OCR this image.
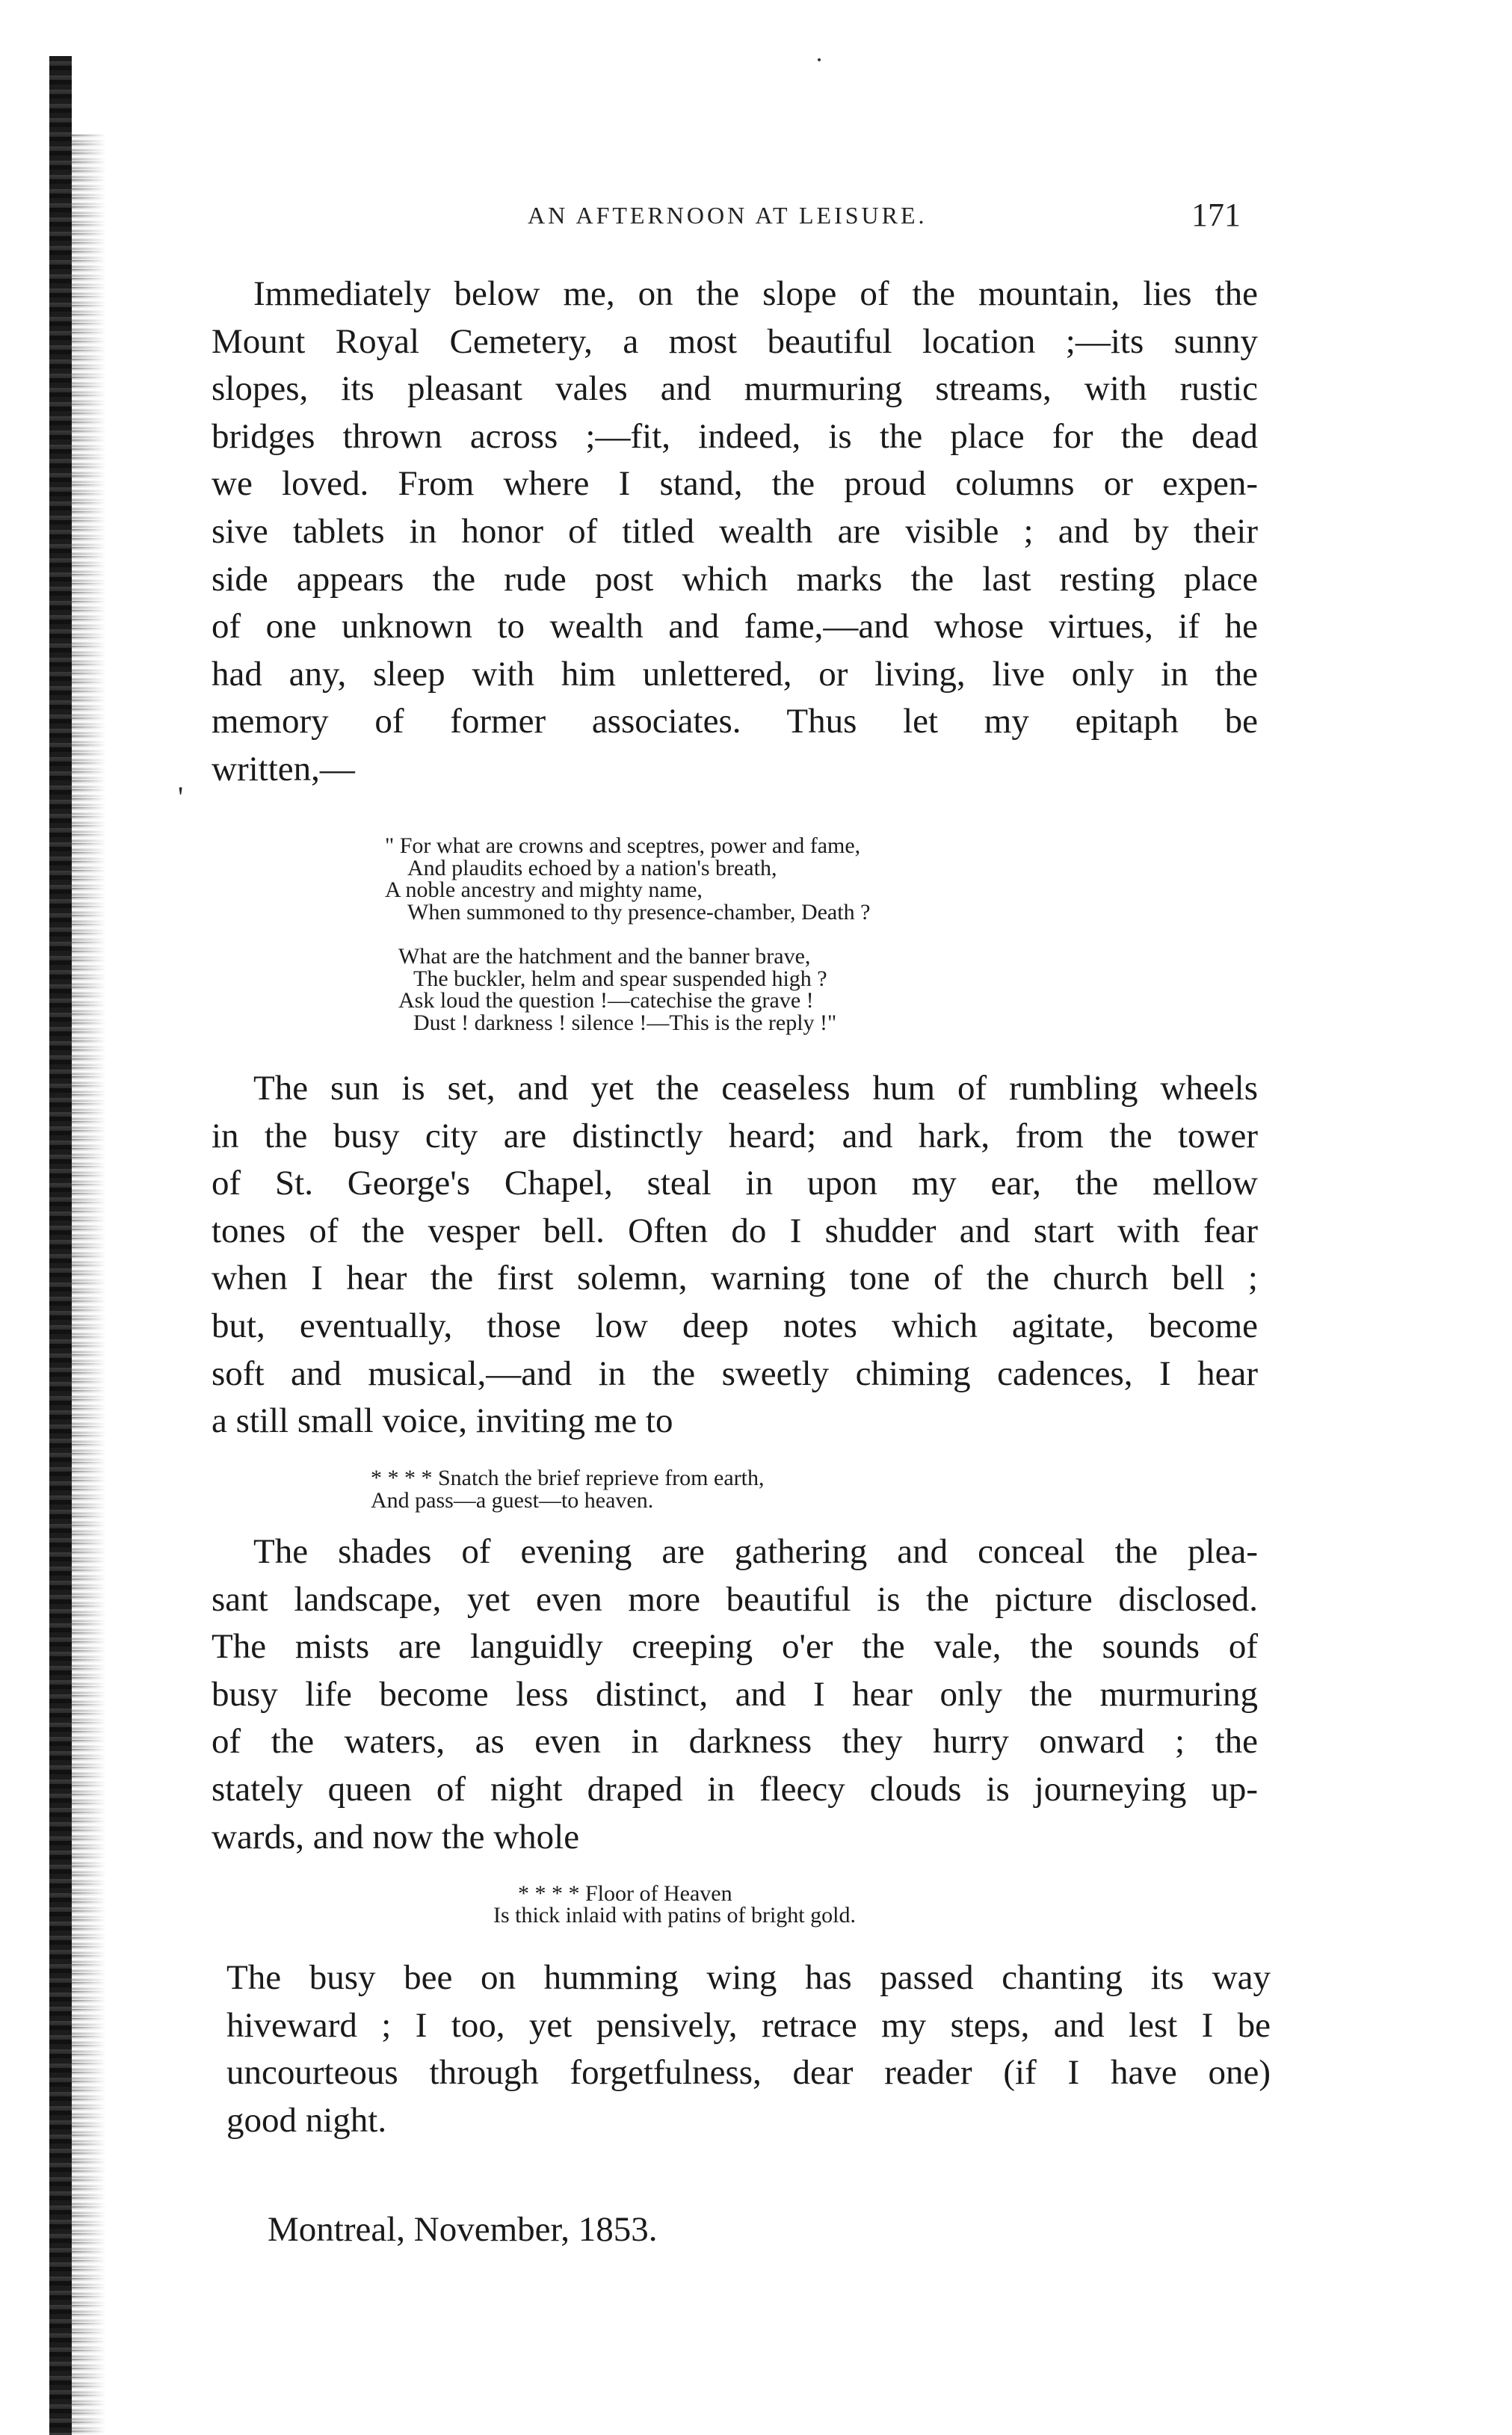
'
AN AFTERNOON AT LEISURE.	171
Immediately below me, on the slope of the mountain, lies the
Mount Royal Cemetery, a most beautiful location ;—its sunny
slopes, its pleasant vales and murmuring streams, with rustic
bridges thrown across ;—fit, indeed, is the place for the dead
we loved. From where I stand, the proud columns or expen-
sive tablets in honor of titled wealth are visible ; and by their
side appears the rude post which marks the last resting place
of one unknown to wealth and fame,—and whose virtues, if he
had any, sleep with him unlettered, or living, live only in the
memory of former associates. Thus let my epitaph be
written,—
" For what are crowns and sceptres, power and fame,
And plaudits echoed by a nation's breath,
A noble ancestry and mighty name,
When summoned to thy presence-chamber, Death ?
What are the hatchment and the banner brave,
The buckler, helm and spear suspended high ?
Ask loud the question !—catechise the grave !
Dust ! darkness ! silence !—This is the reply !"
The sun is set, and yet the ceaseless hum of rumbling wheels
in the busy city are distinctly heard; and hark, from the tower
of St. George's Chapel, steal in upon my ear, the mellow
tones of the vesper bell. Often do I shudder and start with fear
when I hear the first solemn, warning tone of the church bell ;
but, eventually, those low deep notes which agitate, become
soft and musical,—and in the sweetly chiming cadences, I hear
a still small voice, inviting me to
* * * * Snatch the brief reprieve from earth,
And pass—a guest—to heaven.
The shades of evening are gathering and conceal the plea-
sant landscape, yet even more beautiful is the picture disclosed.
The mists are languidly creeping o'er the vale, the sounds of
busy life become less distinct, and I hear only the murmuring
of the waters, as even in darkness they hurry onward ; the
stately queen of night draped in fleecy clouds is journeying up-
wards, and now the whole
* * * * Floor of Heaven
Is thick inlaid with patins of bright gold.
The busy bee on humming wing has passed chanting its way
hiveward ; I too, yet pensively, retrace my steps, and lest I be
uncourteous through forgetfulness, dear reader (if I have one)
good night.
Montreal, November, 1853.
